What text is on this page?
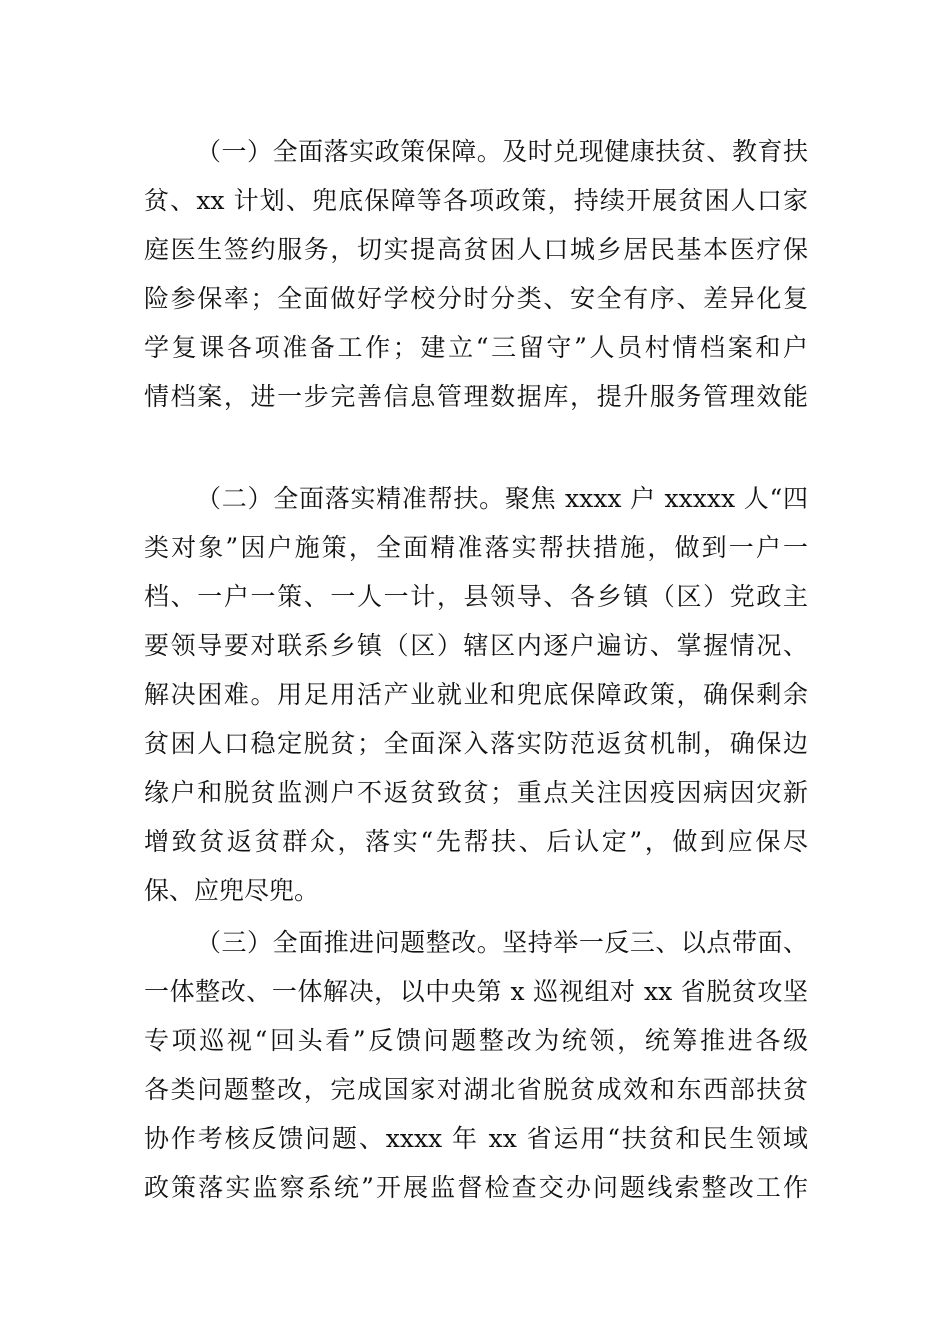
（一）全面落实政策保障。及时兑现健康扶贫、教育扶
贫、xx 计划、兜底保障等各项政策，持续开展贫困人口家
庭医生签约服务，切实提高贫困人口城乡居民基本医疗保
险参保率；全面做好学校分时分类、安全有序、差异化复
学复课各项准备工作；建立“三留守”人员村情档案和户
情档案，进一步完善信息管理数据库，提升服务管理效能
（二）全面落实精准帮扶。聚焦 xxxx 户 xxxxx 人“四
类对象”因户施策，全面精准落实帮扶措施，做到一户一
档、一户一策、一人一计，县领导、各乡镇（区）党政主
要领导要对联系乡镇（区）辖区内逐户遍访、掌握情况、
解决困难。用足用活产业就业和兜底保障政策，确保剩余
贫困人口稳定脱贫；全面深入落实防范返贫机制，确保边
缘户和脱贫监测户不返贫致贫；重点关注因疫因病因灾新
增致贫返贫群众，落实“先帮扶、后认定”，做到应保尽
保、应兜尽兜。
（三）全面推进问题整改。坚持举一反三、以点带面、
一体整改、一体解决，以中央第 x 巡视组对 xx 省脱贫攻坚
专项巡视“回头看”反馈问题整改为统领，统筹推进各级
各类问题整改，完成国家对湖北省脱贫成效和东西部扶贫
协作考核反馈问题、xxxx 年 xx 省运用“扶贫和民生领域
政策落实监察系统”开展监督检查交办问题线索整改工作
